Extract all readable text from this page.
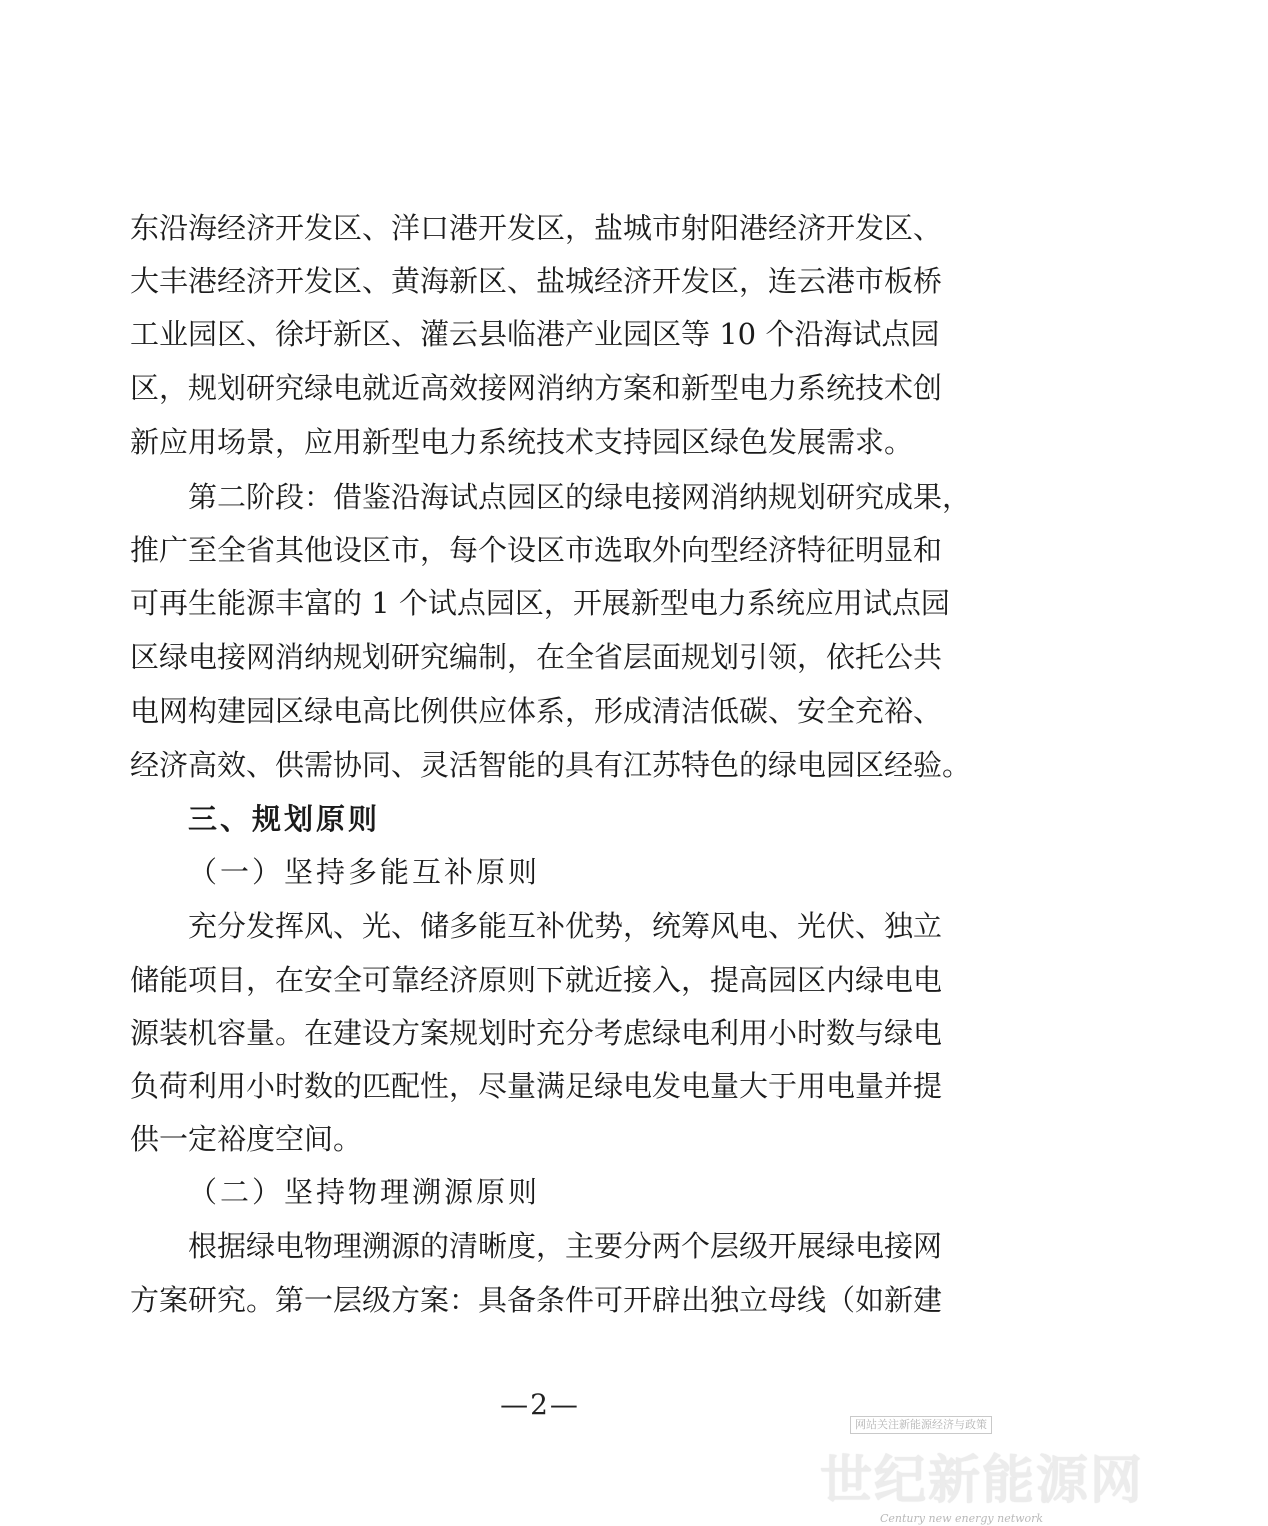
东沿海经济开发区、洋口港开发区，盐城市射阳港经济开发区、
大丰港经济开发区、黄海新区、盐城经济开发区，连云港市板桥
工业园区、徐圩新区、灌云县临港产业园区等 10 个沿海试点园
区，规划研究绿电就近高效接网消纳方案和新型电力系统技术创
新应用场景，应用新型电力系统技术支持园区绿色发展需求。
第二阶段：借鉴沿海试点园区的绿电接网消纳规划研究成果，
推广至全省其他设区市，每个设区市选取外向型经济特征明显和
可再生能源丰富的 1 个试点园区，开展新型电力系统应用试点园
区绿电接网消纳规划研究编制，在全省层面规划引领，依托公共
电网构建园区绿电高比例供应体系，形成清洁低碳、安全充裕、
经济高效、供需协同、灵活智能的具有江苏特色的绿电园区经验。
三、规划原则
（一）坚持多能互补原则
充分发挥风、光、储多能互补优势，统筹风电、光伏、独立
储能项目，在安全可靠经济原则下就近接入，提高园区内绿电电
源装机容量。在建设方案规划时充分考虑绿电利用小时数与绿电
负荷利用小时数的匹配性，尽量满足绿电发电量大于用电量并提
供一定裕度空间。
（二）坚持物理溯源原则
根据绿电物理溯源的清晰度，主要分两个层级开展绿电接网
方案研究。第一层级方案：具备条件可开辟出独立母线（如新建
—2—
网站关注新能源经济与政策
世纪新能源网
Century new energy network
